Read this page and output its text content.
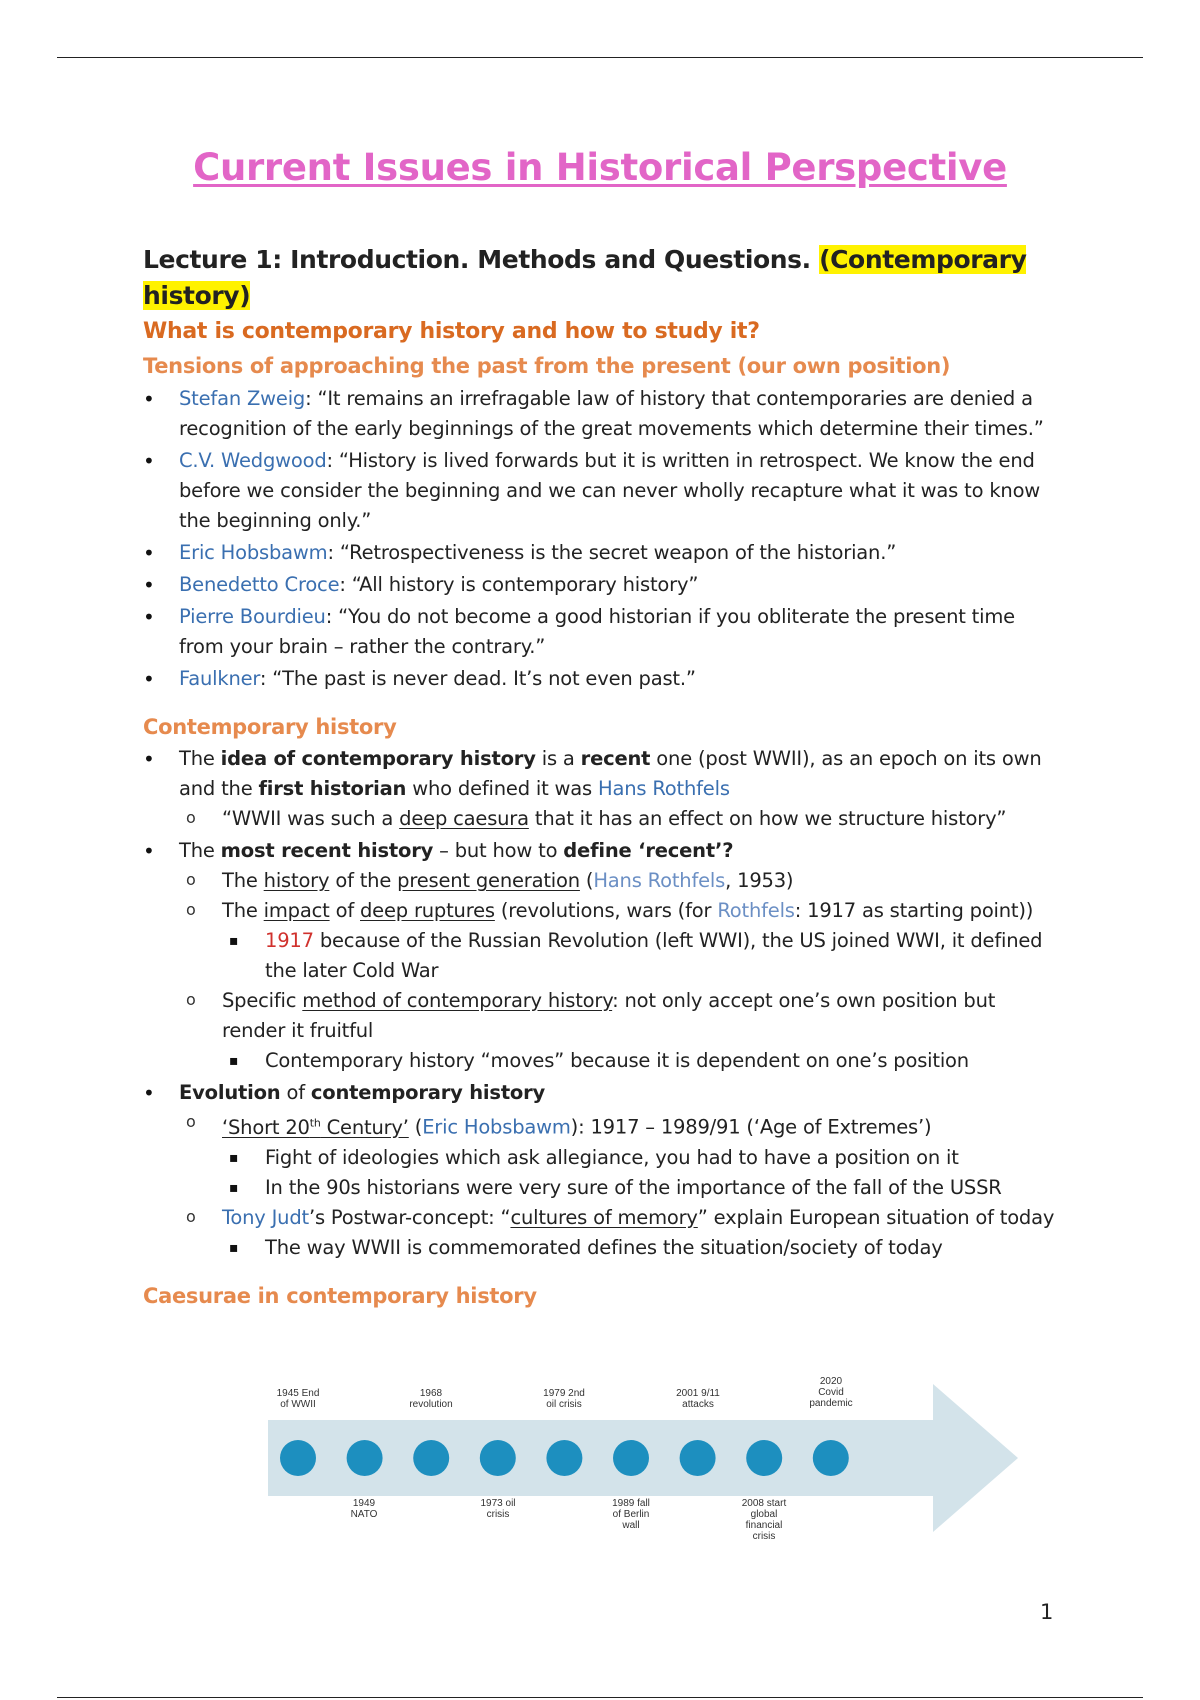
Current Issues in Historical Perspective
Lecture 1: Introduction. Methods and Questions. (Contemporary history)
What is contemporary history and how to study it?
Tensions of approaching the past from the present (our own position)
• Stefan Zweig: “It remains an irrefragable law of history that contemporaries are denied a recognition of the early beginnings of the great movements which determine their times.”
• C.V. Wedgwood: “History is lived forwards but it is written in retrospect. We know the end before we consider the beginning and we can never wholly recapture what it was to know the beginning only.”
• Eric Hobsbawm: “Retrospectiveness is the secret weapon of the historian.”
• Benedetto Croce: “All history is contemporary history”
• Pierre Bourdieu: “You do not become a good historian if you obliterate the present time from your brain – rather the contrary.”
• Faulkner: “The past is never dead. It’s not even past.”
Contemporary history
• The idea of contemporary history is a recent one (post WWII), as an epoch on its own and the first historian who defined it was Hans Rothfels
o “WWII was such a deep caesura that it has an effect on how we structure history”
• The most recent history – but how to define ‘recent’?
o The history of the present generation (Hans Rothfels, 1953)
o The impact of deep ruptures (revolutions, wars (for Rothfels: 1917 as starting point))
▪ 1917 because of the Russian Revolution (left WWI), the US joined WWI, it defined the later Cold War
o Specific method of contemporary history: not only accept one’s own position but render it fruitful
▪ Contemporary history “moves” because it is dependent on one’s position
• Evolution of contemporary history
o ‘Short 20th Century’ (Eric Hobsbawm): 1917 – 1989/91 (‘Age of Extremes’)
▪ Fight of ideologies which ask allegiance, you had to have a position on it
▪ In the 90s historians were very sure of the importance of the fall of the USSR
o Tony Judt’s Postwar-concept: “cultures of memory” explain European situation of today
▪ The way WWII is commemorated defines the situation/society of today
Caesurae in contemporary history
1945 End of WWII
1968 revolution
1979 2nd oil crisis
2001 9/11 attacks
2020 Covid pandemic
1949 NATO
1973 oil crisis
1989 fall of Berlin wall
2008 start global financial crisis

1
